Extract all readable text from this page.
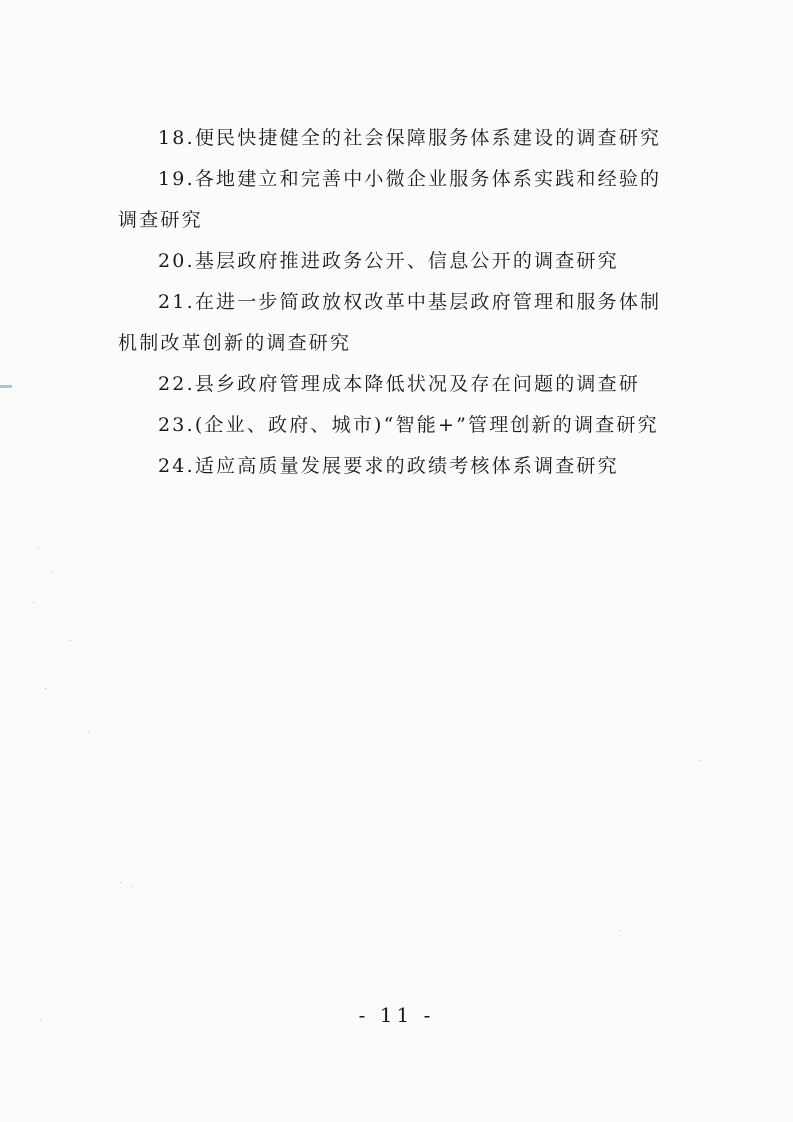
18.便民快捷健全的社会保障服务体系建设的调查研究

19.各地建立和完善中小微企业服务体系实践和经验的调查研究

20.基层政府推进政务公开、信息公开的调查研究

21.在进一步简政放权改革中基层政府管理和服务体制机制改革创新的调查研究

22.县乡政府管理成本降低状况及存在问题的调查研

23.(企业、政府、城市)“智能+”管理创新的调查研究

24.适应高质量发展要求的政绩考核体系调查研究

- 11 -
